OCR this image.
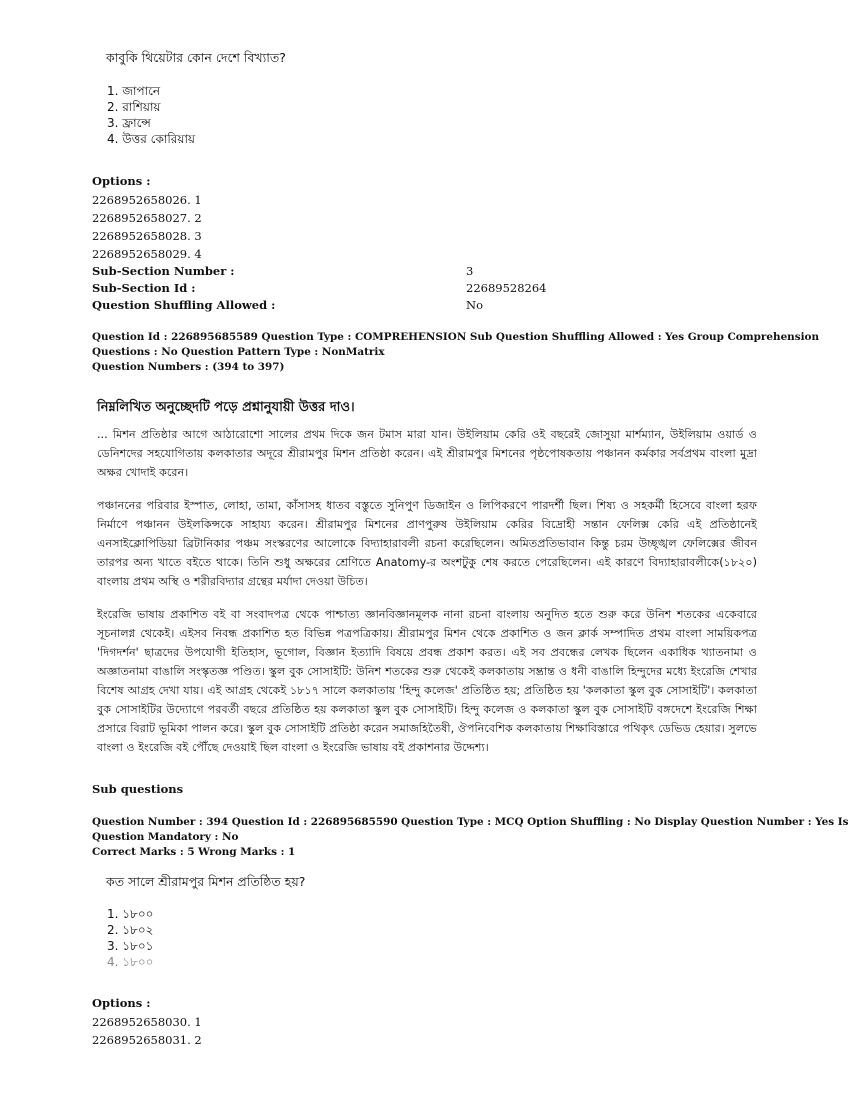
কাবুকি থিয়েটার কোন দেশে বিখ্যাত?
1. জাপানে
2. রাশিয়ায়
3. ফ্রান্সে
4. উত্তর কোরিয়ায়
Options :
2268952658026. 1
2268952658027. 2
2268952658028. 3
2268952658029. 4
Sub-Section Number :	3
Sub-Section Id :	22689528264
Question Shuffling Allowed :	No
Question Id : 226895685589 Question Type : COMPREHENSION Sub Question Shuffling Allowed : Yes Group Comprehension
Questions : No Question Pattern Type : NonMatrix
Question Numbers : (394 to 397)
নিম্নলিখিত অনুচ্ছেদটি পড়ে প্রশ্নানুযায়ী উত্তর দাও।

... মিশন প্রতিষ্ঠার আগে আঠারোশো সালের প্রথম দিকে জন টমাস মারা যান। উইলিয়াম কেরি ওই বছরেই জোসুয়া মার্শম্যান, উইলিয়াম ওয়ার্ড ও ডেনিশদের সহযোগিতায় কলকাতার অদূরে শ্রীরামপুর মিশন প্রতিষ্ঠা করেন। এই শ্রীরামপুর মিশনের পৃষ্ঠপোষকতায় পঞ্চানন কর্মকার সর্বপ্রথম বাংলা মুদ্রা অক্ষর খোদাই করেন।

পঞ্চাননের পরিবার ইস্পাত, লোহা, তামা, কাঁসাসহ ধাতব বস্তুতে সুনিপুণ ডিজাইন ও লিপিকরণে পারদর্শী ছিল। শিষ্য ও সহকর্মী হিসেবে বাংলা হরফ নির্মাণে পঞ্চানন উইলকিন্সকে সাহায্য করেন। শ্রীরামপুর মিশনের প্রাণপুরুষ উইলিয়াম কেরির বিদ্রোহী সন্তান ফেলিক্স কেরি এই প্রতিষ্ঠানেই এনসাইক্লোপিডিয়া ব্রিটানিকার পঞ্চম সংস্করণের আলোকে বিদ্যাহারাবলী রচনা করেছিলেন। অমিতপ্রতিভাবান কিন্তু চরম উচ্ছৃঙ্খল ফেলিক্সের জীবন তারপর অন্য খাতে বইতে থাকে। তিনি শুধু অক্ষরের শ্রেণিতে Anatomy-র অংশটুকু শেষ করতে পেরেছিলেন। এই কারণে বিদ্যাহারাবলীকে(১৮২০) বাংলায় প্রথম অস্থি ও শরীরবিদ্যার গ্রন্থের মর্যাদা দেওয়া উচিত।

ইংরেজি ভাষায় প্রকাশিত বই বা সংবাদপত্র থেকে পাশ্চাত্য জ্ঞানবিজ্ঞানমূলক নানা রচনা বাংলায় অনুদিত হতে শুরু করে উনিশ শতকের একেবারে সূচনালগ্ন থেকেই। এইসব নিবন্ধ প্রকাশিত হত বিভিন্ন পত্রপত্রিকায়। শ্রীরামপুর মিশন থেকে প্রকাশিত ও জন ক্লার্ক সম্পাদিত প্রথম বাংলা সাময়িকপত্র 'দিগদর্শন' ছাত্রদের উপযোগী ইতিহাস, ভূগোল, বিজ্ঞান ইত্যাদি বিষয়ে প্রবন্ধ প্রকাশ করত। এই সব প্রবন্ধের লেখক ছিলেন একাধিক খ্যাতনামা ও অজ্ঞাতনামা বাঙালি সংস্কৃতজ্ঞ পণ্ডিত। স্কুল বুক সোসাইটি: উনিশ শতকের শুরু থেকেই কলকাতায় সম্ভ্রান্ত ও ধনী বাঙালি হিন্দুদের মধ্যে ইংরেজি শেখার বিশেষ আগ্রহ দেখা যায়। এই আগ্রহ থেকেই ১৮১৭ সালে কলকাতায় 'হিন্দু কলেজ' প্রতিষ্ঠিত হয়; প্রতিষ্ঠিত হয় 'কলকাতা স্কুল বুক সোসাইটি'। কলকাতা বুক সোসাইটির উদ্যোগে পরবর্তী বছরে প্রতিষ্ঠিত হয় কলকাতা স্কুল বুক সোসাইটি। হিন্দু কলেজ ও কলকাতা স্কুল বুক সোসাইটি বঙ্গদেশে ইংরেজি শিক্ষা প্রসারে বিরাট ভূমিকা পালন করে। স্কুল বুক সোসাইটি প্রতিষ্ঠা করেন সমাজহিতৈষী, ঔপনিবেশিক কলকাতায় শিক্ষাবিস্তারে পথিকৃৎ ডেভিড হেয়ার। সুলভে বাংলা ও ইংরেজি বই পৌঁছে দেওয়াই ছিল বাংলা ও ইংরেজি ভাষায় বই প্রকাশনার উদ্দেশ্য।

Sub questions
Question Number : 394 Question Id : 226895685590 Question Type : MCQ Option Shuffling : No Display Question Number : Yes Is
Question Mandatory : No
Correct Marks : 5 Wrong Marks : 1
কত সালে শ্রীরামপুর মিশন প্রতিষ্ঠিত হয়?
1. ১৮০০
2. ১৮০২
3. ১৮০১
4. ১৮০০
Options :
2268952658030. 1
2268952658031. 2
